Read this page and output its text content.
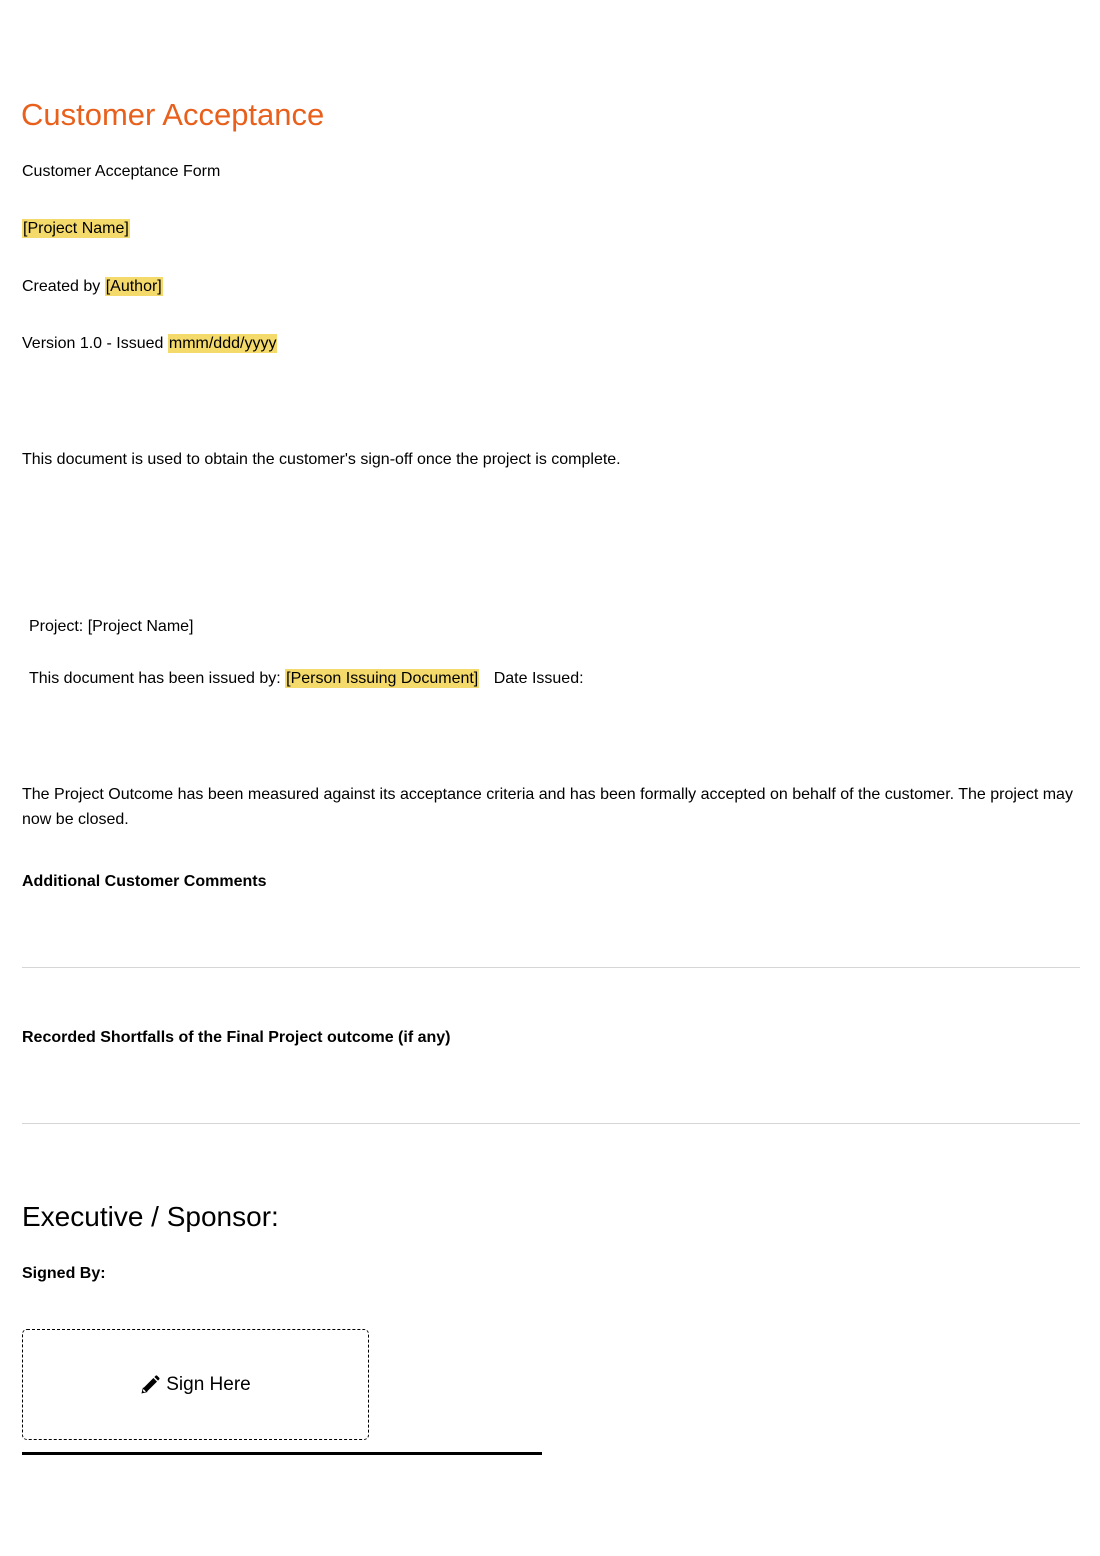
Customer Acceptance
Customer Acceptance Form
[Project Name]
Created by [Author]
Version 1.0 - Issued mmm/ddd/yyyy
This document is used to obtain the customer's sign-off once the project is complete.
Project: [Project Name]
This document has been issued by: [Person Issuing Document] Date Issued:
The Project Outcome has been measured against its acceptance criteria and has been formally accepted on behalf of the customer. The project may now be closed.
Additional Customer Comments
Recorded Shortfalls of the Final Project outcome (if any)
Executive / Sponsor:
Signed By:
Sign Here
